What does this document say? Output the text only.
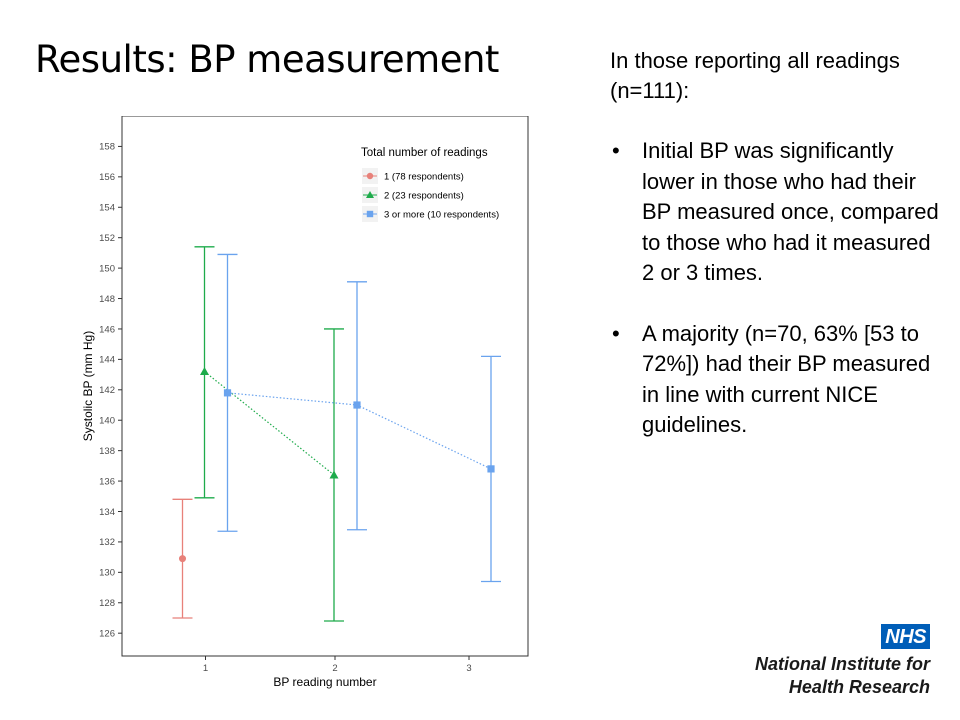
Results: BP measurement
126
128
130
132
134
136
138
140
142
144
146
148
150
152
154
156
158
1	2	3
BP reading number
Systolic BP (mm Hg)
Total number of readings
1 (78 respondents)
2 (23 respondents)
3 or more (10 respondents)

In those reporting all readings (n=111):

• Initial BP was significantly lower in those who had their BP measured once, compared to those who had it measured 2 or 3 times.
• A majority (n=70, 63% [53 to 72%]) had their BP measured in line with current NICE guidelines.
NHS
National Institute for
Health Research
